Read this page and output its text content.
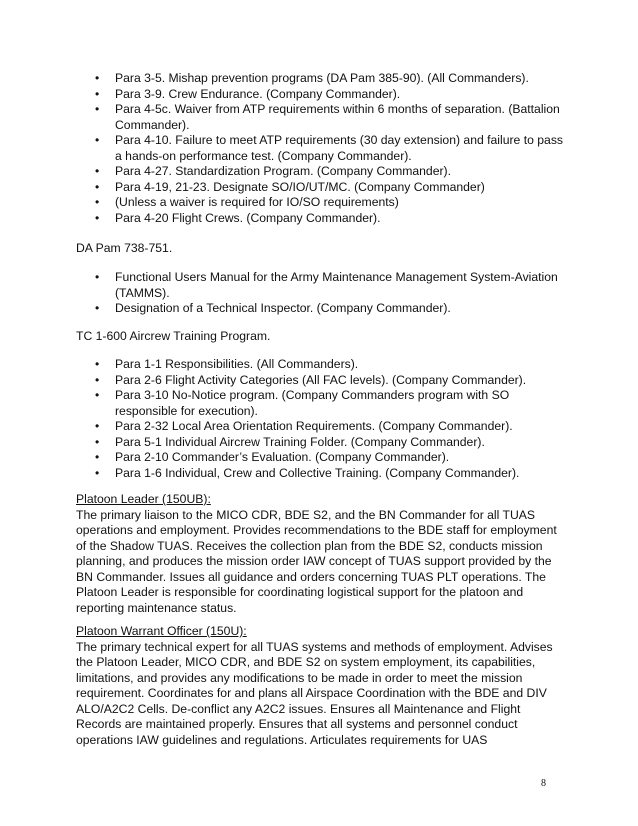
• Para 3-5. Mishap prevention programs (DA Pam 385-90). (All Commanders).
• Para 3-9. Crew Endurance. (Company Commander).
• Para 4-5c. Waiver from ATP requirements within 6 months of separation. (Battalion Commander).
• Para 4-10. Failure to meet ATP requirements (30 day extension) and failure to pass a hands-on performance test. (Company Commander).
• Para 4-27. Standardization Program. (Company Commander).
• Para 4-19, 21-23. Designate SO/IO/UT/MC. (Company Commander)
• (Unless a waiver is required for IO/SO requirements)
• Para 4-20 Flight Crews. (Company Commander).

DA Pam 738-751.

• Functional Users Manual for the Army Maintenance Management System-Aviation (TAMMS).
• Designation of a Technical Inspector. (Company Commander).

TC 1-600 Aircrew Training Program.

• Para 1-1 Responsibilities. (All Commanders).
• Para 2-6 Flight Activity Categories (All FAC levels). (Company Commander).
• Para 3-10 No-Notice program. (Company Commanders program with SO responsible for execution).
• Para 2-32 Local Area Orientation Requirements. (Company Commander).
• Para 5-1 Individual Aircrew Training Folder. (Company Commander).
• Para 2-10 Commander’s Evaluation. (Company Commander).
• Para 1-6 Individual, Crew and Collective Training. (Company Commander).
Platoon Leader (150UB):
The primary liaison to the MICO CDR, BDE S2, and the BN Commander for all TUAS operations and employment. Provides recommendations to the BDE staff for employment of the Shadow TUAS. Receives the collection plan from the BDE S2, conducts mission planning, and produces the mission order IAW concept of TUAS support provided by the BN Commander. Issues all guidance and orders concerning TUAS PLT operations. The Platoon Leader is responsible for coordinating logistical support for the platoon and reporting maintenance status.
Platoon Warrant Officer (150U):
The primary technical expert for all TUAS systems and methods of employment. Advises the Platoon Leader, MICO CDR, and BDE S2 on system employment, its capabilities, limitations, and provides any modifications to be made in order to meet the mission requirement. Coordinates for and plans all Airspace Coordination with the BDE and DIV ALO/A2C2 Cells. De-conflict any A2C2 issues. Ensures all Maintenance and Flight Records are maintained properly. Ensures that all systems and personnel conduct operations IAW guidelines and regulations. Articulates requirements for UAS
8
